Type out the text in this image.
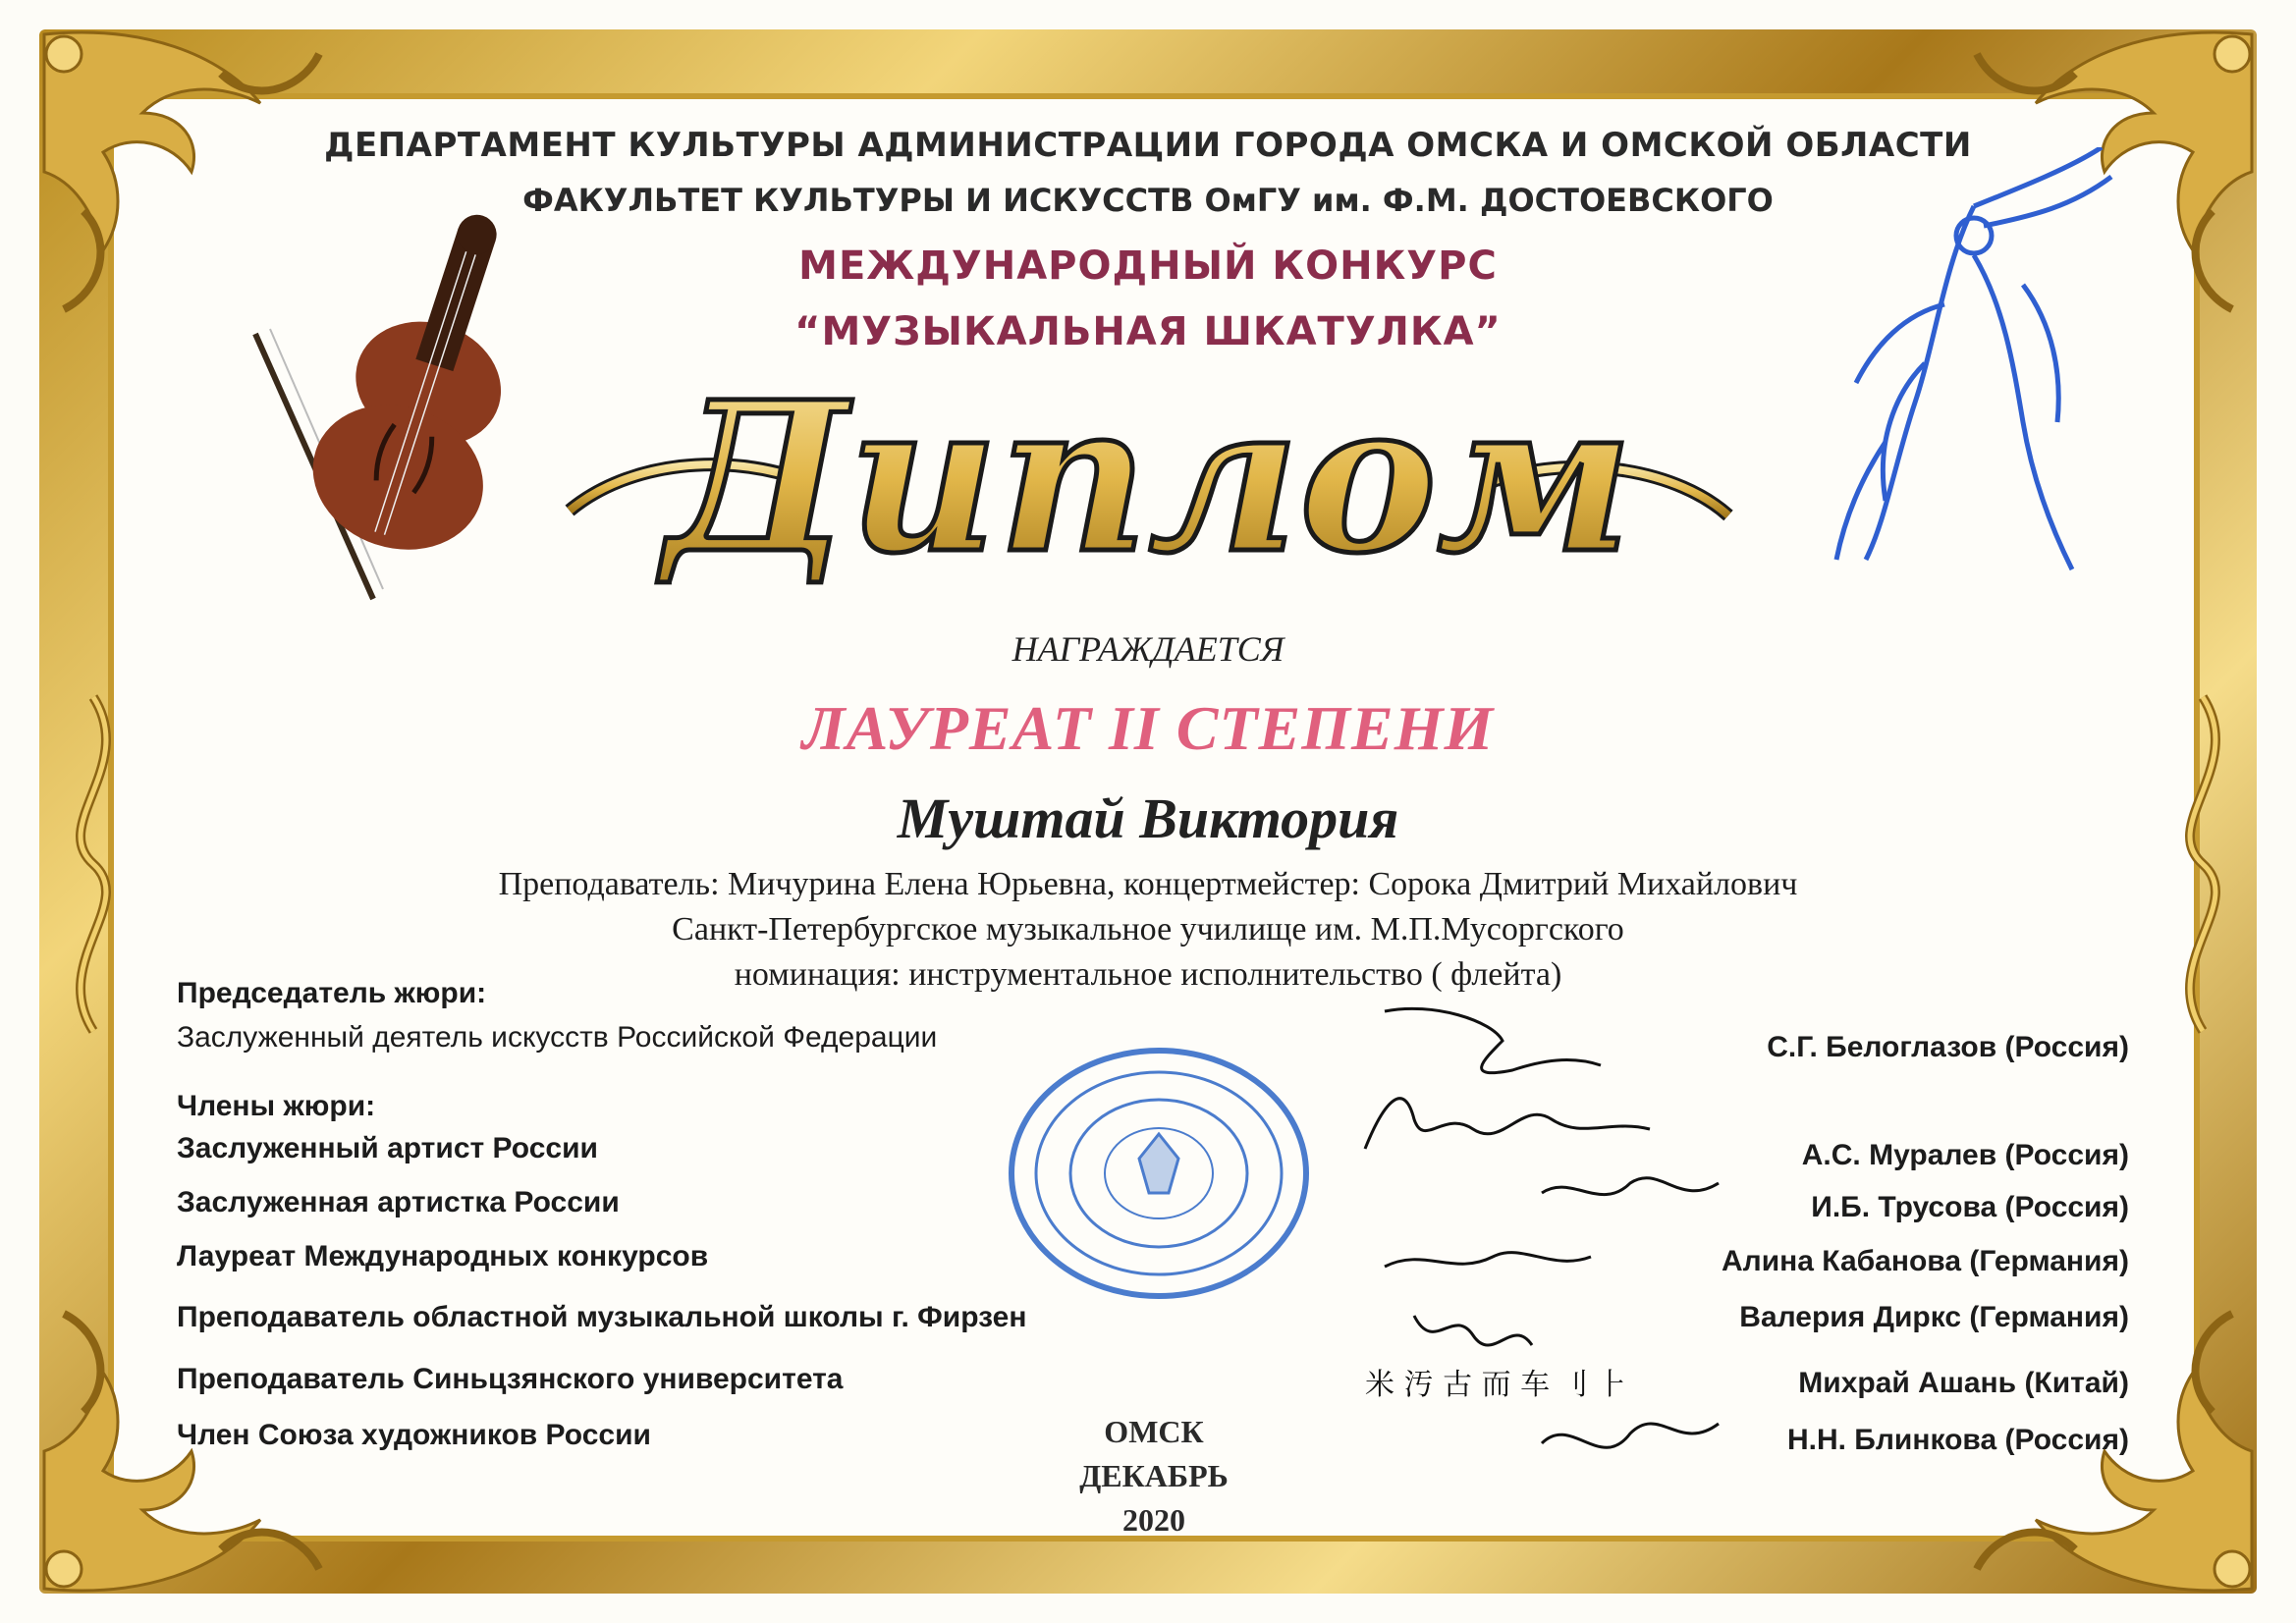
ДЕПАРТАМЕНТ КУЛЬТУРЫ АДМИНИСТРАЦИИ ГОРОДА ОМСКА И ОМСКОЙ ОБЛАСТИ
ФАКУЛЬТЕТ КУЛЬТУРЫ И ИСКУССТВ ОмГУ им. Ф.М. ДОСТОЕВСКОГО
МЕЖДУНАРОДНЫЙ КОНКУРС
“МУЗЫКАЛЬНАЯ ШКАТУЛКА”
Диплом
НАГРАЖДАЕТСЯ
ЛАУРЕАТ II СТЕПЕНИ
Муштай Виктория
Преподаватель: Мичурина Елена Юрьевна, концертмейстер: Сорока Дмитрий Михайлович
Санкт-Петербургское музыкальное училище им. М.П.Мусоргского
номинация: инструментальное исполнительство ( флейта)
米 汚 古 而 车 刂 ⺊
Председатель жюри:
Заслуженный деятель искусств Российской Федерации	С.Г. Белоглазов (Россия)
Члены жюри:
Заслуженный артист России	А.С. Муралев (Россия)
Заслуженная артистка России	И.Б. Трусова (Россия)
Лауреат Международных конкурсов	Алина Кабанова (Германия)
Преподаватель областной музыкальной школы г. Фирзен	Валерия Диркс (Германия)
Преподаватель Синьцзянского университета	Михрай Ашань (Китай)
Член Союза художников России	Н.Н. Блинкова (Россия)
ОМСК
ДЕКАБРЬ
2020
